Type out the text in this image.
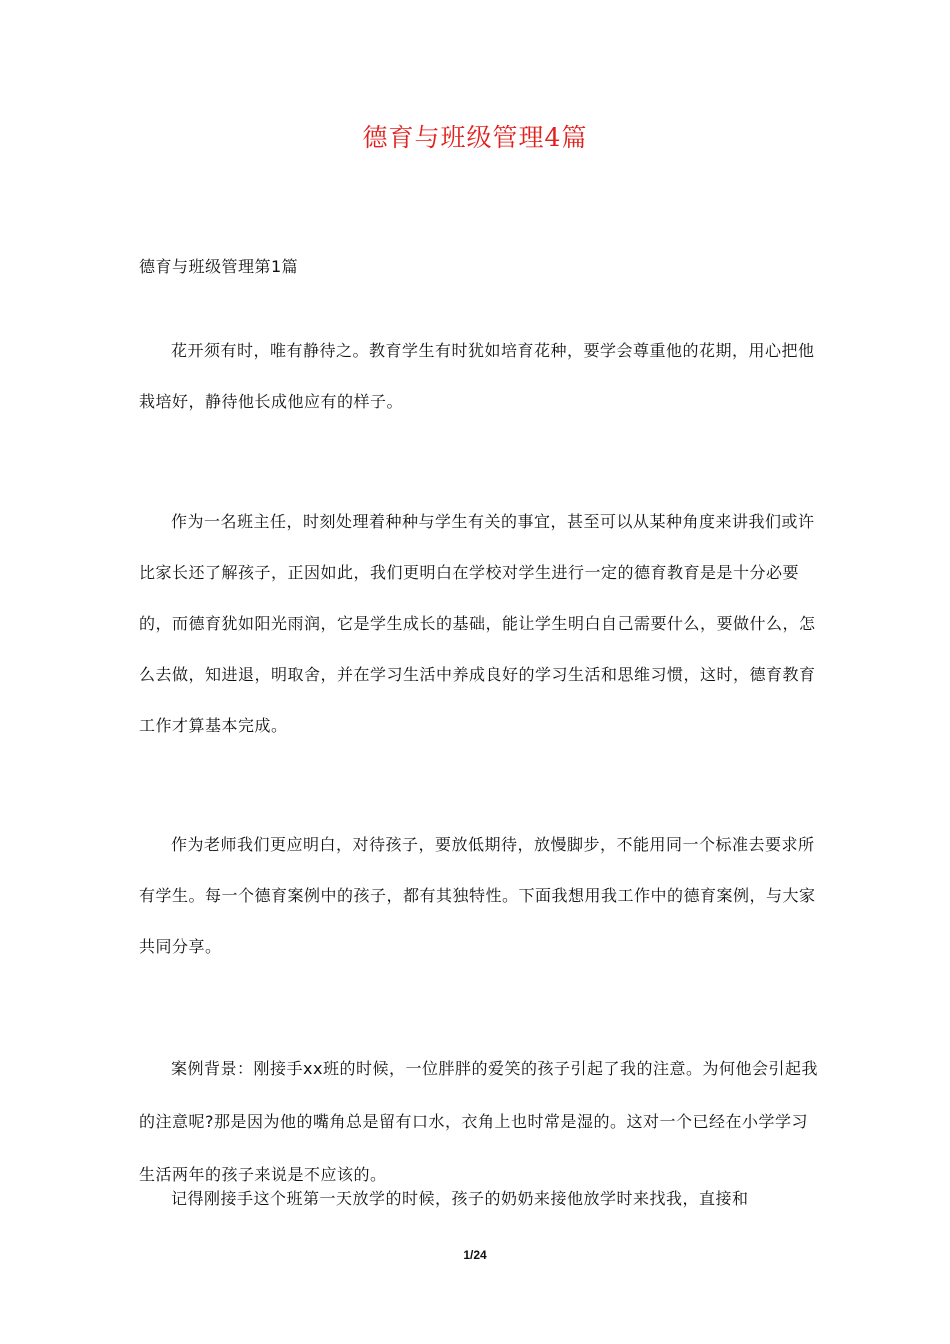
德育与班级管理4篇
德育与班级管理第1篇
花开须有时，唯有静待之。教育学生有时犹如培育花种，要学会尊重他的花期，用心把他栽培好，静待他长成他应有的样子。
作为一名班主任，时刻处理着种种与学生有关的事宜，甚至可以从某种角度来讲我们或许比家长还了解孩子，正因如此，我们更明白在学校对学生进行一定的德育教育是是十分必要的，而德育犹如阳光雨润，它是学生成长的基础，能让学生明白自己需要什么，要做什么，怎么去做，知进退，明取舍，并在学习生活中养成良好的学习生活和思维习惯，这时，德育教育工作才算基本完成。
作为老师我们更应明白，对待孩子，要放低期待，放慢脚步，不能用同一个标准去要求所有学生。每一个德育案例中的孩子，都有其独特性。下面我想用我工作中的德育案例，与大家共同分享。
案例背景：刚接手xx班的时候，一位胖胖的爱笑的孩子引起了我的注意。为何他会引起我的注意呢?那是因为他的嘴角总是留有口水，衣角上也时常是湿的。这对一个已经在小学学习生活两年的孩子来说是不应该的。
记得刚接手这个班第一天放学的时候，孩子的奶奶来接他放学时来找我，直接和
1/24
